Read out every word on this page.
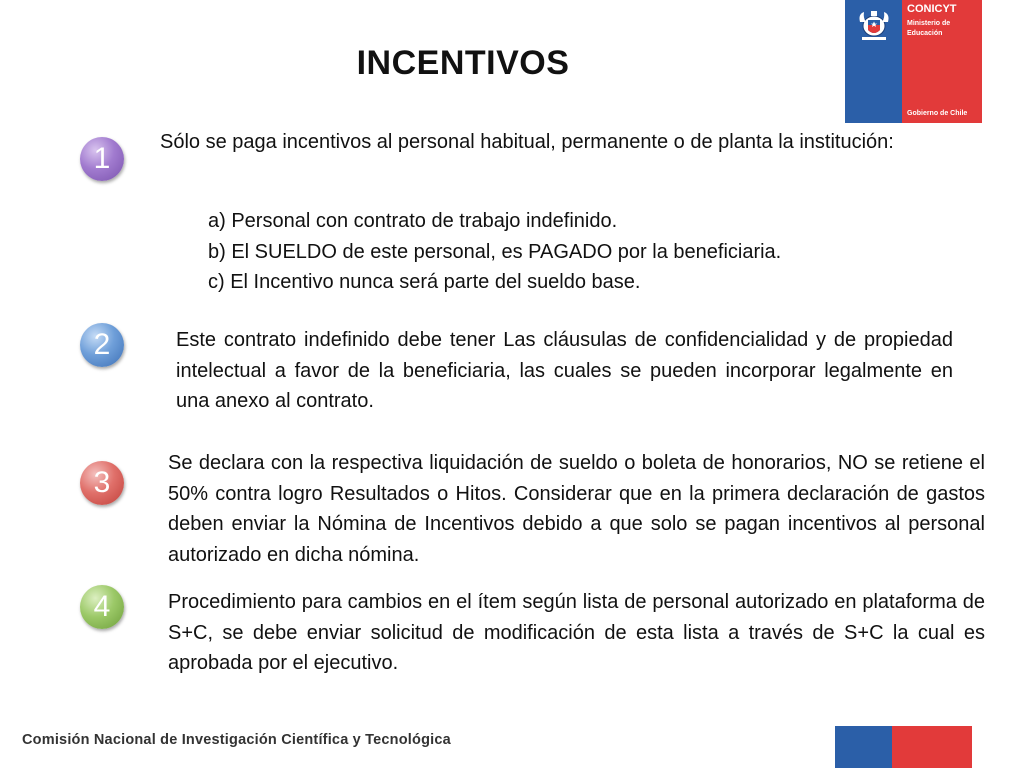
INCENTIVOS
CONICYT
Ministerio de Educación
Gobierno de Chile
1	Sólo se paga incentivos al personal habitual, permanente o de planta la institución:
a) Personal con contrato de trabajo indefinido.
b) El SUELDO de este personal, es PAGADO por la beneficiaria.
c) El Incentivo nunca será parte del sueldo base.
2	Este contrato indefinido debe tener Las cláusulas de confidencialidad y de propiedad intelectual a favor de la beneficiaria, las cuales se pueden incorporar legalmente en una anexo al contrato.
3
Se declara con la respectiva liquidación de sueldo o boleta de honorarios, NO se retiene el 50% contra logro Resultados o Hitos. Considerar que en la primera declaración de gastos deben enviar la Nómina de Incentivos debido a que solo se pagan incentivos al personal autorizado en dicha nómina.
4	Procedimiento para cambios en el ítem según lista de personal autorizado en plataforma de S+C, se debe enviar solicitud de modificación de esta lista a través de S+C la cual es aprobada por el ejecutivo.
Comisión Nacional de Investigación Científica y Tecnológica
